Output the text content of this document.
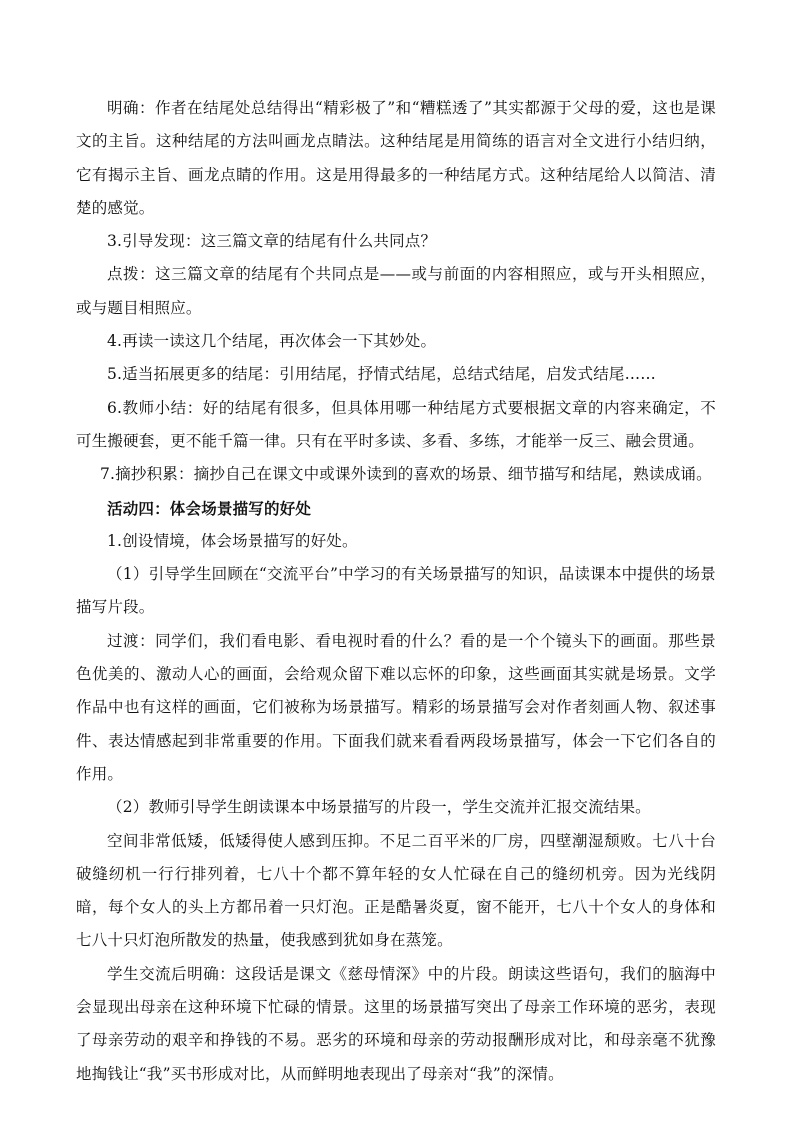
明确：作者在结尾处总结得出“精彩极了”和“糟糕透了”其实都源于父母的爱，这也是课文的主旨。这种结尾的方法叫画龙点睛法。这种结尾是用简练的语言对全文进行小结归纳，它有揭示主旨、画龙点睛的作用。这是用得最多的一种结尾方式。这种结尾给人以简洁、清楚的感觉。

3.引导发现：这三篇文章的结尾有什么共同点？

点拨：这三篇文章的结尾有个共同点是——或与前面的内容相照应，或与开头相照应，或与题目相照应。

4.再读一读这几个结尾，再次体会一下其妙处。

5.适当拓展更多的结尾：引用结尾，抒情式结尾，总结式结尾，启发式结尾……

6.教师小结：好的结尾有很多，但具体用哪一种结尾方式要根据文章的内容来确定，不可生搬硬套，更不能千篇一律。只有在平时多读、多看、多练，才能举一反三、融会贯通。

7.摘抄积累：摘抄自己在课文中或课外读到的喜欢的场景、细节描写和结尾，熟读成诵。

活动四：体会场景描写的好处

1.创设情境，体会场景描写的好处。

（1）引导学生回顾在“交流平台”中学习的有关场景描写的知识，品读课本中提供的场景描写片段。

过渡：同学们，我们看电影、看电视时看的什么？看的是一个个镜头下的画面。那些景色优美的、激动人心的画面，会给观众留下难以忘怀的印象，这些画面其实就是场景。文学作品中也有这样的画面，它们被称为场景描写。精彩的场景描写会对作者刻画人物、叙述事件、表达情感起到非常重要的作用。下面我们就来看看两段场景描写，体会一下它们各自的作用。

（2）教师引导学生朗读课本中场景描写的片段一，学生交流并汇报交流结果。

空间非常低矮，低矮得使人感到压抑。不足二百平米的厂房，四壁潮湿颓败。七八十台破缝纫机一行行排列着，七八十个都不算年轻的女人忙碌在自己的缝纫机旁。因为光线阴暗，每个女人的头上方都吊着一只灯泡。正是酷暑炎夏，窗不能开，七八十个女人的身体和七八十只灯泡所散发的热量，使我感到犹如身在蒸笼。

学生交流后明确：这段话是课文《慈母情深》中的片段。朗读这些语句，我们的脑海中会显现出母亲在这种环境下忙碌的情景。这里的场景描写突出了母亲工作环境的恶劣，表现了母亲劳动的艰辛和挣钱的不易。恶劣的环境和母亲的劳动报酬形成对比，和母亲毫不犹豫地掏钱让“我”买书形成对比，从而鲜明地表现出了母亲对“我”的深情。
